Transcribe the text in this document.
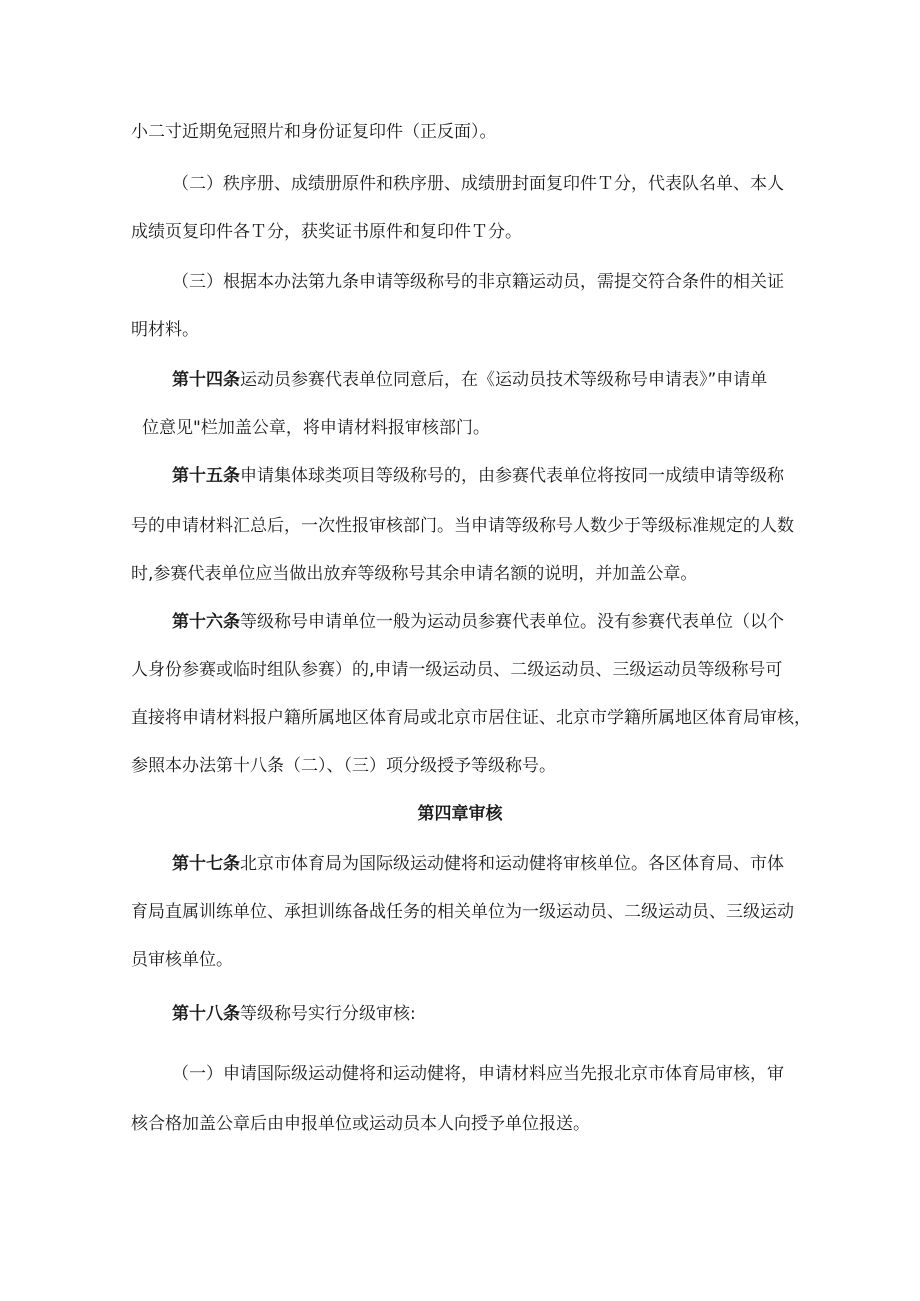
小二寸近期免冠照片和身份证复印件（正反面）。
（二）秩序册、成绩册原件和秩序册、成绩册封面复印件Ｔ分，代表队名单、本人
成绩页复印件各Ｔ分，获奖证书原件和复印件Ｔ分。
（三）根据本办法第九条申请等级称号的非京籍运动员，需提交符合条件的相关证
明材料。
第十四条运动员参赛代表单位同意后，在《运动员技术等级称号申请表》”申请单
位意见"栏加盖公章，将申请材料报审核部门。
第十五条申请集体球类项目等级称号的，由参赛代表单位将按同一成绩申请等级称
号的申请材料汇总后，一次性报审核部门。当申请等级称号人数少于等级标准规定的人数
时,参赛代表单位应当做出放弃等级称号其余申请名额的说明，并加盖公章。
第十六条等级称号申请单位一般为运动员参赛代表单位。没有参赛代表单位（以个
人身份参赛或临时组队参赛）的,申请一级运动员、二级运动员、三级运动员等级称号可
直接将申请材料报户籍所属地区体育局或北京市居住证、北京市学籍所属地区体育局审核，
参照本办法第十八条（二）、（三）项分级授予等级称号。
第四章审核
第十七条北京市体育局为国际级运动健将和运动健将审核单位。各区体育局、市体
育局直属训练单位、承担训练备战任务的相关单位为一级运动员、二级运动员、三级运动
员审核单位。
第十八条等级称号实行分级审核:
（一）申请国际级运动健将和运动健将，申请材料应当先报北京市体育局审核，审
核合格加盖公章后由申报单位或运动员本人向授予单位报送。
